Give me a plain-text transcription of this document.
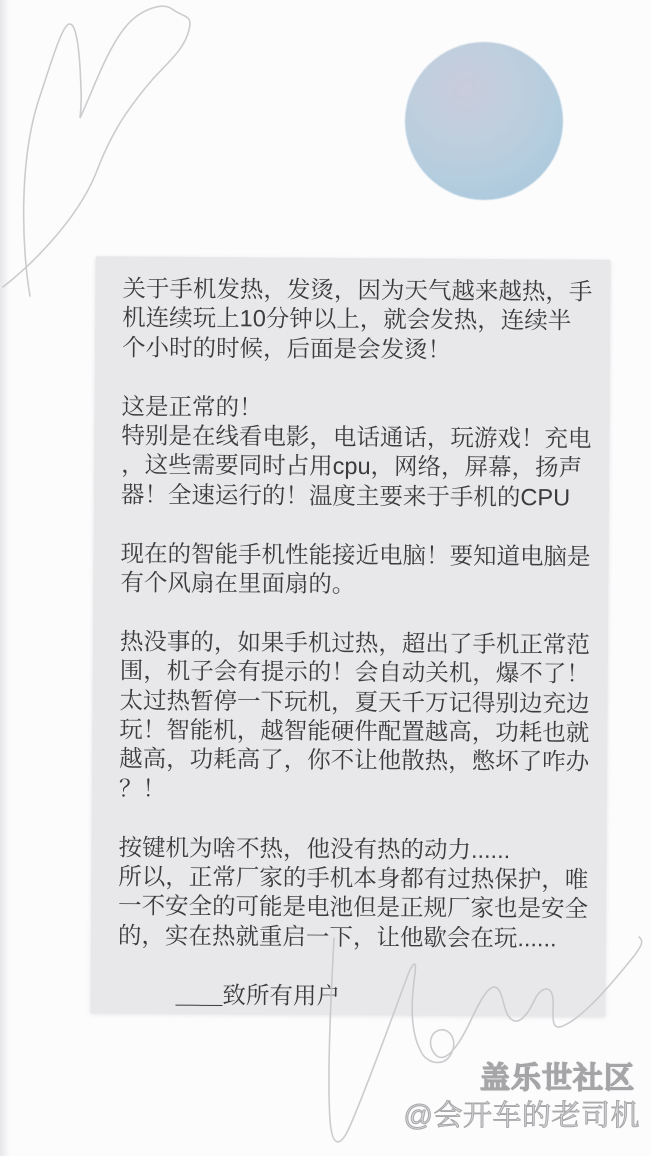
关于手机发热，发烫，因为天气越来越热，手机连续玩上10分钟以上，就会发热，连续半个小时的时候，后面是会发烫！

这是正常的！
特别是在线看电影，电话通话，玩游戏！充电，这些需要同时占用cpu，网络，屏幕，扬声器！全速运行的！温度主要来于手机的CPU

现在的智能手机性能接近电脑！要知道电脑是有个风扇在里面扇的。

热没事的，如果手机过热，超出了手机正常范围，机子会有提示的！会自动关机，爆不了！太过热暂停一下玩机，夏天千万记得别边充边玩！智能机，越智能硬件配置越高，功耗也就越高，功耗高了，你不让他散热，憋坏了咋办？！

按键机为啥不热，他没有热的动力......
所以，正常厂家的手机本身都有过热保护，唯一不安全的可能是电池但是正规厂家也是安全的，实在热就重启一下，让他歇会在玩......

＿＿致所有用户
盖乐世社区
@会开车的老司机
